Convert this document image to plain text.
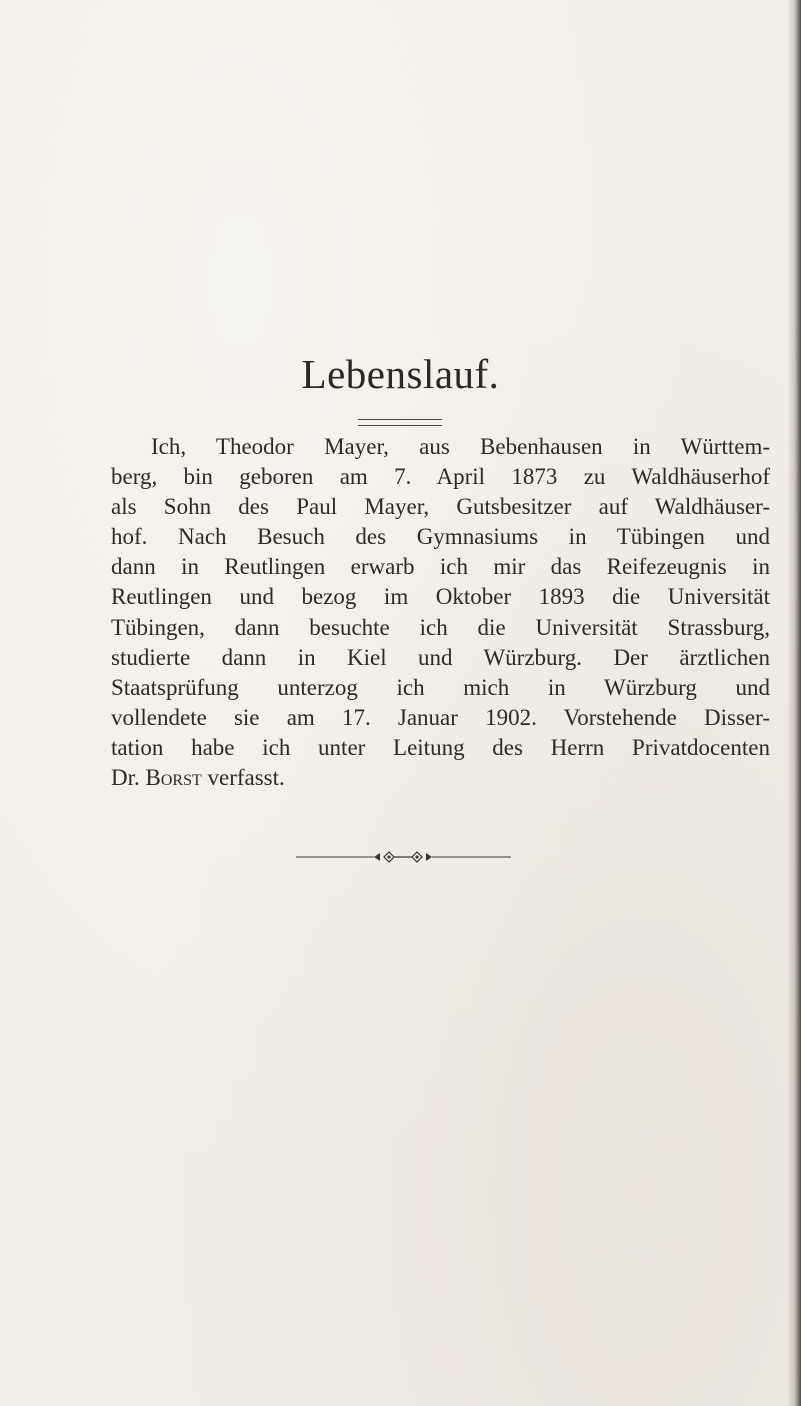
Lebenslauf.
Ich, Theodor Mayer, aus Bebenhausen in Württem-
berg, bin geboren am 7. April 1873 zu Waldhäuserhof
als Sohn des Paul Mayer, Gutsbesitzer auf Waldhäuser-
hof. Nach Besuch des Gymnasiums in Tübingen und
dann in Reutlingen erwarb ich mir das Reifezeugnis in
Reutlingen und bezog im Oktober 1893 die Universität
Tübingen, dann besuchte ich die Universität Strassburg,
studierte dann in Kiel und Würzburg. Der ärztlichen
Staatsprüfung unterzog ich mich in Würzburg und
vollendete sie am 17. Januar 1902. Vorstehende Disser-
tation habe ich unter Leitung des Herrn Privatdocenten
Dr. Borst verfasst.
